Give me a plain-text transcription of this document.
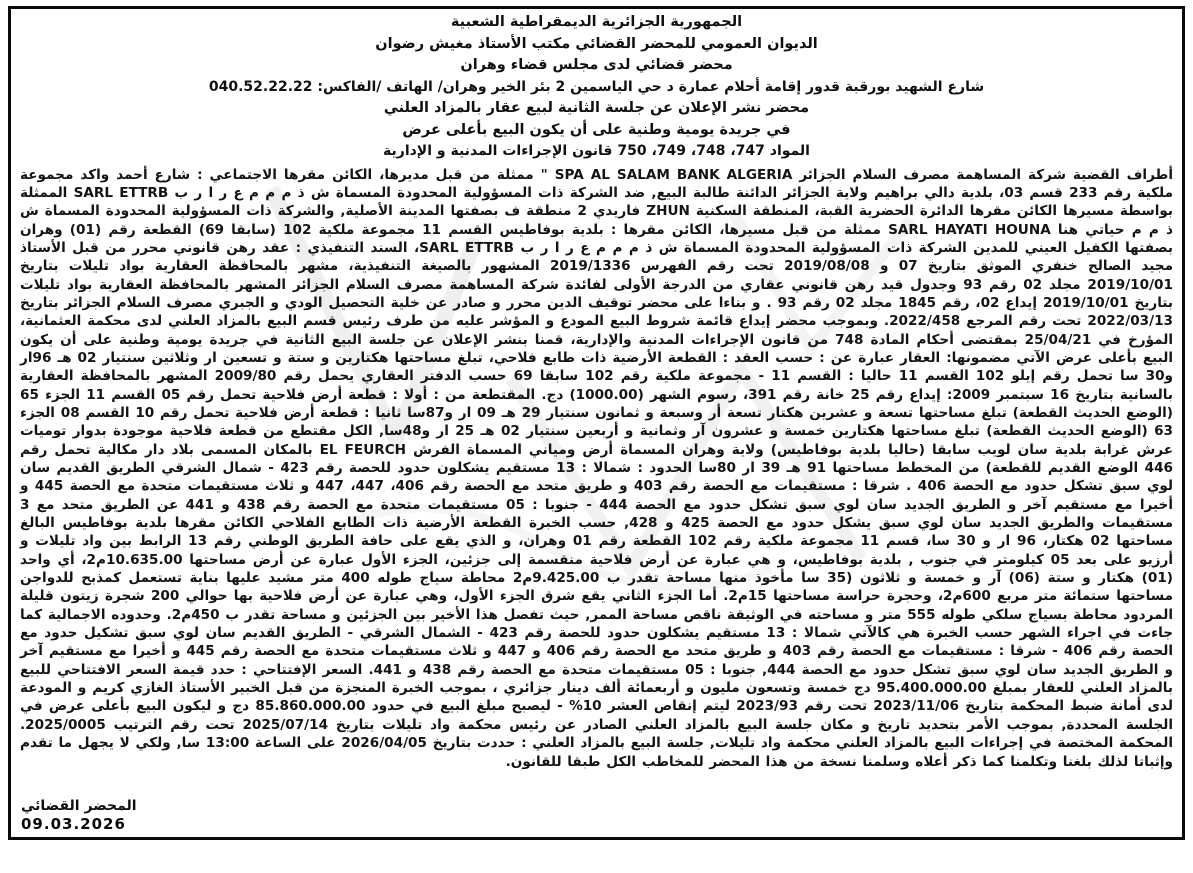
الجمهورية الجزائرية الديمقراطية الشعبية
الديوان العمومي للمحضر القضائي مكتب الأستاذ مغيش رضوان
محضر قضائي لدى مجلس قضاء وهران
شارع الشهيد بورقبة قدور إقامة أحلام عمارة د حي الياسمين 2 بئر الخير وهران/ الهاتف /الفاكس: 040.52.22.22
محضر نشر الإعلان عن جلسة الثانية لبيع عقار بالمزاد العلني
في جريدة يومية وطنية على أن يكون البيع بأعلى عرض
المواد 747، 748، 749، 750 قانون الإجراءات المدنية و الإدارية
أطراف القضية شركة المساهمة مصرف السلام الجزائر SPA AL SALAM BANK ALGERIA " ممثلة من قبل مديرها، الكائن مقرها الاجتماعي : شارع أحمد واكد مجموعة ملكية رقم 233 قسم 03، بلدية دالي براهيم ولاية الجزائر الدائنة طالبة البيع, ضد الشركة ذات المسؤولية المحدودة المسماة ش ذ م م م ع ر ا ر ب SARL ETTRB الممثلة بواسطة مسيرها الكائن مقرها الدائرة الحضرية القبة، المنطقة السكنية ZHUN فاريدي 2 منطقة ف بصفتها المدينة الأصلية, والشركة ذات المسؤولية المحدودة المسماة ش ذ م م حياتي هنا SARL HAYATI HOUNA ممثلة من قبل مسيرها، الكائن مقرها : بلدية بوفاطيس القسم 11 مجموعة ملكية 102 (سابقا 69) القطعة رقم (01) وهران بصفتها الكفيل العيني للمدين الشركة ذات المسؤولية المحدودة المسماة ش ذ م م م ع ر ا ر ب SARL ETTRB، السند التنفيذي : عقد رهن قانوني محرر من قبل الأستاذ مجيد الصالح خنفري الموثق بتاريخ 07 و 2019/08/08 تحت رقم الفهرس 2019/1336 المشهور بالصيغة التنفيذية، مشهر بالمحافظة العقارية بواد تليلات بتاريخ 2019/10/01 مجلد 02 رقم 93 وجدول قيد رهن قانوني عقاري من الدرجة الأولى لفائدة شركة المساهمة مصرف السلام الجزائر المشهر بالمحافظة العقارية بواد تليلات بتاريخ 2019/10/01 إيداع 02، رقم 1845 مجلد 02 رقم 93 . و بناءا على محضر توقيف الدين محرر و صادر عن خلية التحصيل الودي و الجبري مصرف السلام الجزائر بتاريخ 2022/03/13 تحت رقم المرجع 2022/458. وبموجب محضر إيداع قائمة شروط البيع المودع و المؤشر عليه من طرف رئيس قسم البيع بالمزاد العلني لدى محكمة العثمانية، المؤرخ في 25/04/21 بمقتضى أحكام المادة 748 من قانون الإجراءات المدنية والإدارية، قمنا بنشر الإعلان عن جلسة البيع الثانية في جريدة يومية وطنية على أن يكون البيع بأعلى عرض الآتي مضمونها: العقار عبارة عن : حسب العقد : القطعة الأرضية ذات طابع فلاحي، تبلغ مساحتها هكتارين و ستة و تسعين ار وثلاثين سنتيار 02 هـ 96ار و30 سا تحمل رقم إيلو 102 القسم 11 حاليا : القسم 11 - مجموعة ملكية رقم 102 سابقا 69 حسب الدفتر العقاري يحمل رقم 2009/80 المشهر بالمحافظة العقارية بالسانية بتاريخ 16 سبتمبر 2009: إيداع رقم 25 خانة رقم 391، رسوم الشهر (1000.00) دج. المقتطعة من : أولا : قطعة أرض فلاحية تحمل رقم 05 القسم 11 الجزء 65 (الوضع الحديث القطعة) تبلغ مساحتها تسعة و عشرين هكتار تسعة أر وسبعة و ثمانون سنتيار 29 هـ 09 ار و87سا ثانيا : قطعة أرض فلاحية تحمل رقم 10 القسم 08 الجزء 63 (الوضع الحديث القطعة) تبلغ مساحتها هكتارين خمسة و عشرون آر وثمانية و أربعين سنتيار 02 هـ 25 ار و48سا, الكل مقتطع من قطعة فلاحية موجودة بدوار توميات عرش غرابة بلدية سان لويب سابقا (حاليا بلدية بوفاطيس) ولاية وهران المسماة أرض ومياني المسماة الفرش EL FEURCH بالمكان المسمى بلاد دار مكالية تحمل رقم 446 الوضع القديم للقطعة) من المخطط مساحتها 91 هـ 39 ار 80سا الحدود : شمالا : 13 مستقيم يشكلون حدود للحصة رقم 423 - شمال الشرقي الطريق القديم سان لوي سبق تشكل حدود مع الحصة 406 . شرقا : مستقيمات مع الحصة رقم 403 و طريق متحد مع الحصة رقم 406، 447، 447 و ثلاث مستقيمات متحدة مع الحصة 445 و أخيرا مع مستقيم آخر و الطريق الجديد سان لوي سبق تشكل حدود مع الحصة 444 - جنوبا : 05 مستقيمات متحدة مع الحصة رقم 438 و 441 عن الطريق متحد مع 3 مستقيمات والطريق الجديد سان لوي سبق يشكل حدود مع الحصة 425 و 428, حسب الخبرة القطعة الأرضية ذات الطابع الفلاحي الكائن مقرها بلدية بوفاطيس البالغ مساحتها 02 هكتار، 96 ار و 30 سا، قسم 11 مجموعة ملكية رقم 102 القطعة رقم 01 وهران، و الذي يقع على حافة الطريق الوطني رقم 13 الرابط بين واد تليلات و أرزيو على بعد 05 كيلومتر في جنوب , بلدية بوفاطيس، و هي عبارة عن أرض فلاحية منقسمة إلى جزئين، الجزء الأول عبارة عن أرض مساحتها 10.635.00م2، أي واحد (01) هكتار و ستة (06) آر و خمسة و ثلاثون (35 سا مأخوذ منها مساحة تقدر ب 9.425.00م2 محاطة سياج طوله 400 متر مشيد عليها بناية تستعمل كمذبح للدواجن مساحتها ستمائة متر مربع 600م2، وحجرة حراسة مساحتها 15م2. أما الجزء الثاني يقع شرق الجزء الأول، وهي عبارة عن أرض فلاحية بها حوالي 200 شجرة زيتون قليلة المردود محاطة بسياج سلكي طوله 555 متر و مساحته في الوثيقة ناقص مساحة الممر, حيث تفصل هذا الأخير بين الجزئين و مساحة تقدر ب 450م2. وحدوده الاجمالية كما جاءت في اجراء الشهر حسب الخبرة هي كالآتي شمالا : 13 مستقيم يشكلون حدود للحصة رقم 423 - الشمال الشرقي - الطريق القديم سان لوي سبق تشكيل حدود مع الحصة رقم 406 - شرقا : مستقيمات مع الحصة رقم 403 و طريق متحد مع الحصة رقم 406 و 447 و ثلاث مستقيمات متحدة مع الحصة رقم 445 و أخيرا مع مستقيم آخر و الطريق الجديد سان لوي سبق تشكل حدود مع الحصة 444, جنوبا : 05 مستقيمات متحدة مع الحصة رقم 438 و 441. السعر الإفتتاحي : حدد قيمة السعر الافتتاحي للبيع بالمزاد العلني للعقار بمبلغ 95.400.000.00 دج خمسة وتسعون مليون و أربعمائة ألف دينار جزائري ، بموجب الخبرة المنجزة من قبل الخبير الأستاذ الغازي كريم و المودعة لدى أمانة ضبط المحكمة بتاريخ 2023/11/06 تحت رقم 2023/93 ليتم إنقاص العشر 10% - ليصبح مبلغ البيع في حدود 85.860.000.00 دج و ليكون البيع بأعلى عرض في الجلسة المحددة, بموجب الأمر بتحديد تاريخ و مكان جلسة البيع بالمزاد العلني الصادر عن رئيس محكمة واد تليلات بتاريخ 2025/07/14 تحت رقم الترتيب 2025/0005. المحكمة المختصة في إجراءات البيع بالمزاد العلني محكمة واد تليلات, جلسة البيع بالمزاد العلني : حددت بتاريخ 2026/04/05 على الساعة 13:00 سا, ولكي لا يجهل ما تقدم وإثباتا لذلك بلغنا وتكلمنا كما ذكر أعلاه وسلمنا نسخة من هذا المحضر للمخاطب الكل طبقا للقانون.
المحضر القضائي
09.03.2026
